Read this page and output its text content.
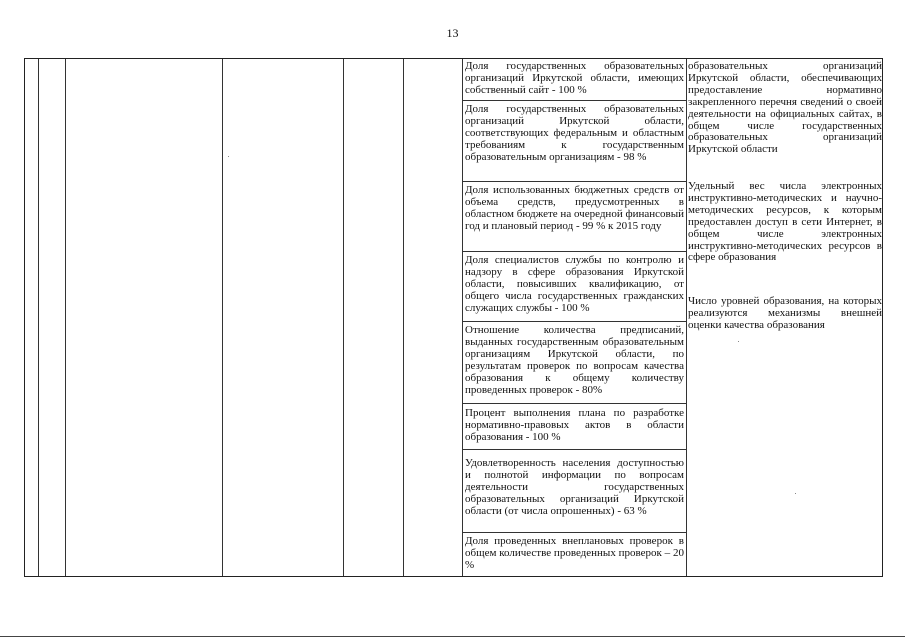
13

Доля государственных образовательных организаций Иркутской области, имеющих собственный сайт - 100 %

Доля государственных образовательных организаций Иркутской области, соответствующих федеральным и областным требованиям к государственным образовательным организациям - 98 %

Доля использованных бюджетных средств от объема средств, предусмотренных в областном бюджете на очередной финансовый год и плановый период - 99 % к 2015 году

Доля специалистов службы по контролю и надзору в сфере образования Иркутской области, повысивших квалификацию, от общего числа государственных гражданских служащих службы - 100 %

Отношение количества предписаний, выданных государственным образовательным организациям Иркутской области, по результатам проверок по вопросам качества образования к общему количеству проведенных проверок - 80%

Процент выполнения плана по разработке нормативно-правовых актов в области образования - 100 %

Удовлетворенность населения доступностью и полнотой информации по вопросам деятельности государственных образовательных организаций Иркутской области (от числа опрошенных) - 63 %

Доля проведенных внеплановых проверок в общем количестве проведенных проверок – 20 %

образовательных организаций Иркутской области, обеспечивающих предоставление нормативно закрепленного перечня сведений о своей деятельности на официальных сайтах, в общем числе государственных образовательных организаций Иркутской области

Удельный вес числа электронных инструктивно-методических и научно-методических ресурсов, к которым предоставлен доступ в сети Интернет, в общем числе электронных инструктивно-методических ресурсов в сфере образования

Число уровней образования, на которых реализуются механизмы внешней оценки качества образования
